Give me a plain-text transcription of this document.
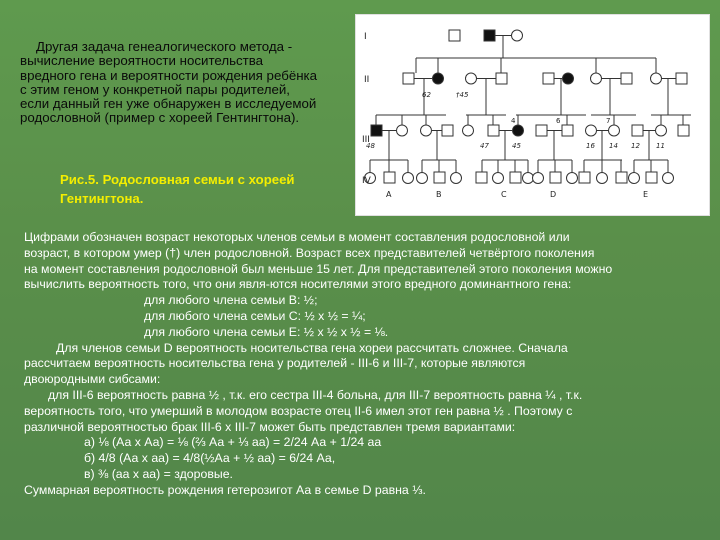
Другая задача генеалогического метода - вычисление вероятности носительства вредного гена и вероятности рождения ребёнка с этим геном у конкретной пары родителей, если данный ген уже обнаружен в исследуемой родословной (пример с хореей Гентингтона).
Рис.5. Родословная семьи с хореей Гентингтона.
I
II
III
IV
62	†45
48	47	45	16 14 12 11
4	6	7
A	B	C	D	E

Цифрами обозначен возраст некоторых членов семьи в момент составления родословной или

возраст, в котором умер (†) член родословной. Возраст всех представителей четвёртого поколения

на момент составления родословной был меньше 15 лет. Для представителей этого поколения можно

вычислить вероятность того, что они явля-ются носителями этого вредного доминантного гена:

для любого члена семьи В: ½;

для любого члена семьи С: ½ х ½ = ¼;

для любого члена семьи Е: ½ х ½ х ½ = ⅛.

Для членов семьи D вероятность носительства гена хореи рассчитать сложнее. Сначала

рассчитаем вероятность носительства гена у родителей - III-6 и III-7, которые являются

двоюродными сибсами:

для III-6 вероятность равна ½ , т.к. его сестра III-4 больна, для III-7 вероятность равна ¼ , т.к.

вероятность того, что умерший в молодом возрасте отец II-6 имел этот ген равна ½ . Поэтому с

различной вероятностью брак III-6 х III-7 может быть представлен тремя вариантами:

а) ⅛ (Аа х Аа) = ⅛ (⅔ Аа + ⅓ аа) = 2/24 Аа + 1/24 аа

б) 4/8 (Аа х аа) = 4/8(½Аа + ½ аа) = 6/24 Аа,

в) ⅜ (аа х аа) = здоровые.

Суммарная вероятность рождения гетерозигот Аа в семье D равна ⅓.
